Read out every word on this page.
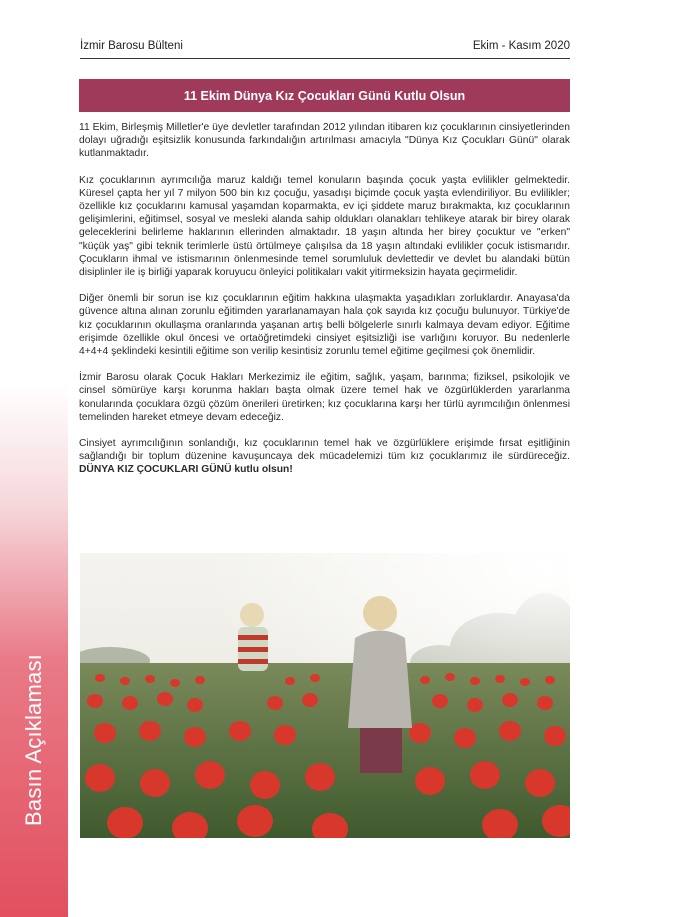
Basın Açıklaması
İzmir Barosu Bülteni	Ekim - Kasım 2020
11 Ekim Dünya Kız Çocukları Günü Kutlu Olsun

11 Ekim, Birleşmiş Milletler'e üye devletler tarafından 2012 yılından itibaren kız çocuklarının cinsiyetlerinden dolayı uğradığı eşitsizlik konusunda farkındalığın artırılması amacıyla "Dünya Kız Çocukları Günü" olarak kutlanmaktadır.

Kız çocuklarının ayrımcılığa maruz kaldığı temel konuların başında çocuk yaşta evlilikler gelmektedir. Küresel çapta her yıl 7 milyon 500 bin kız çocuğu, yasadışı biçimde çocuk yaşta evlendiriliyor. Bu evlilikler; özellikle kız çocuklarını kamusal yaşamdan koparmakta, ev içi şiddete maruz bırakmakta, kız çocuklarının gelişimlerini, eğitimsel, sosyal ve mesleki alanda sahip oldukları olanakları tehlikeye atarak bir birey olarak geleceklerini belirleme haklarının ellerinden almaktadır. 18 yaşın altında her birey çocuktur ve "erken" "küçük yaş" gibi teknik terimlerle üstü örtülmeye çalışılsa da 18 yaşın altındaki evlilikler çocuk istismarıdır. Çocukların ihmal ve istismarının önlenmesinde temel sorumluluk devlettedir ve devlet bu alandaki bütün disiplinler ile iş birliği yaparak koruyucu önleyici politikaları vakit yitirmeksizin hayata geçirmelidir.

Diğer önemli bir sorun ise kız çocuklarının eğitim hakkına ulaşmakta yaşadıkları zorluklardır. Anayasa'da güvence altına alınan zorunlu eğitimden yararlanamayan hala çok sayıda kız çocuğu bulunuyor. Türkiye'de kız çocuklarının okullaşma oranlarında yaşanan artış belli bölgelerle sınırlı kalmaya devam ediyor. Eğitime erişimde özellikle okul öncesi ve ortaöğretimdeki cinsiyet eşitsizliği ise varlığını koruyor. Bu nedenlerle 4+4+4 şeklindeki kesintili eğitime son verilip kesintisiz zorunlu temel eğitime geçilmesi çok önemlidir.

İzmir Barosu olarak Çocuk Hakları Merkezimiz ile eğitim, sağlık, yaşam, barınma; fiziksel, psikolojik ve cinsel sömürüye karşı korunma hakları başta olmak üzere temel hak ve özgürlüklerden yararlanma konularında çocuklara özgü çözüm önerileri üretirken; kız çocuklarına karşı her türlü ayrımcılığın önlenmesi temelinden hareket etmeye devam edeceğiz.

Cinsiyet ayrımcılığının sonlandığı, kız çocuklarının temel hak ve özgürlüklere erişimde fırsat eşitliğinin sağlandığı bir toplum düzenine kavuşuncaya dek mücadelemizi tüm kız çocuklarımız ile sürdüreceğiz. DÜNYA KIZ ÇOCUKLARI GÜNÜ kutlu olsun!
